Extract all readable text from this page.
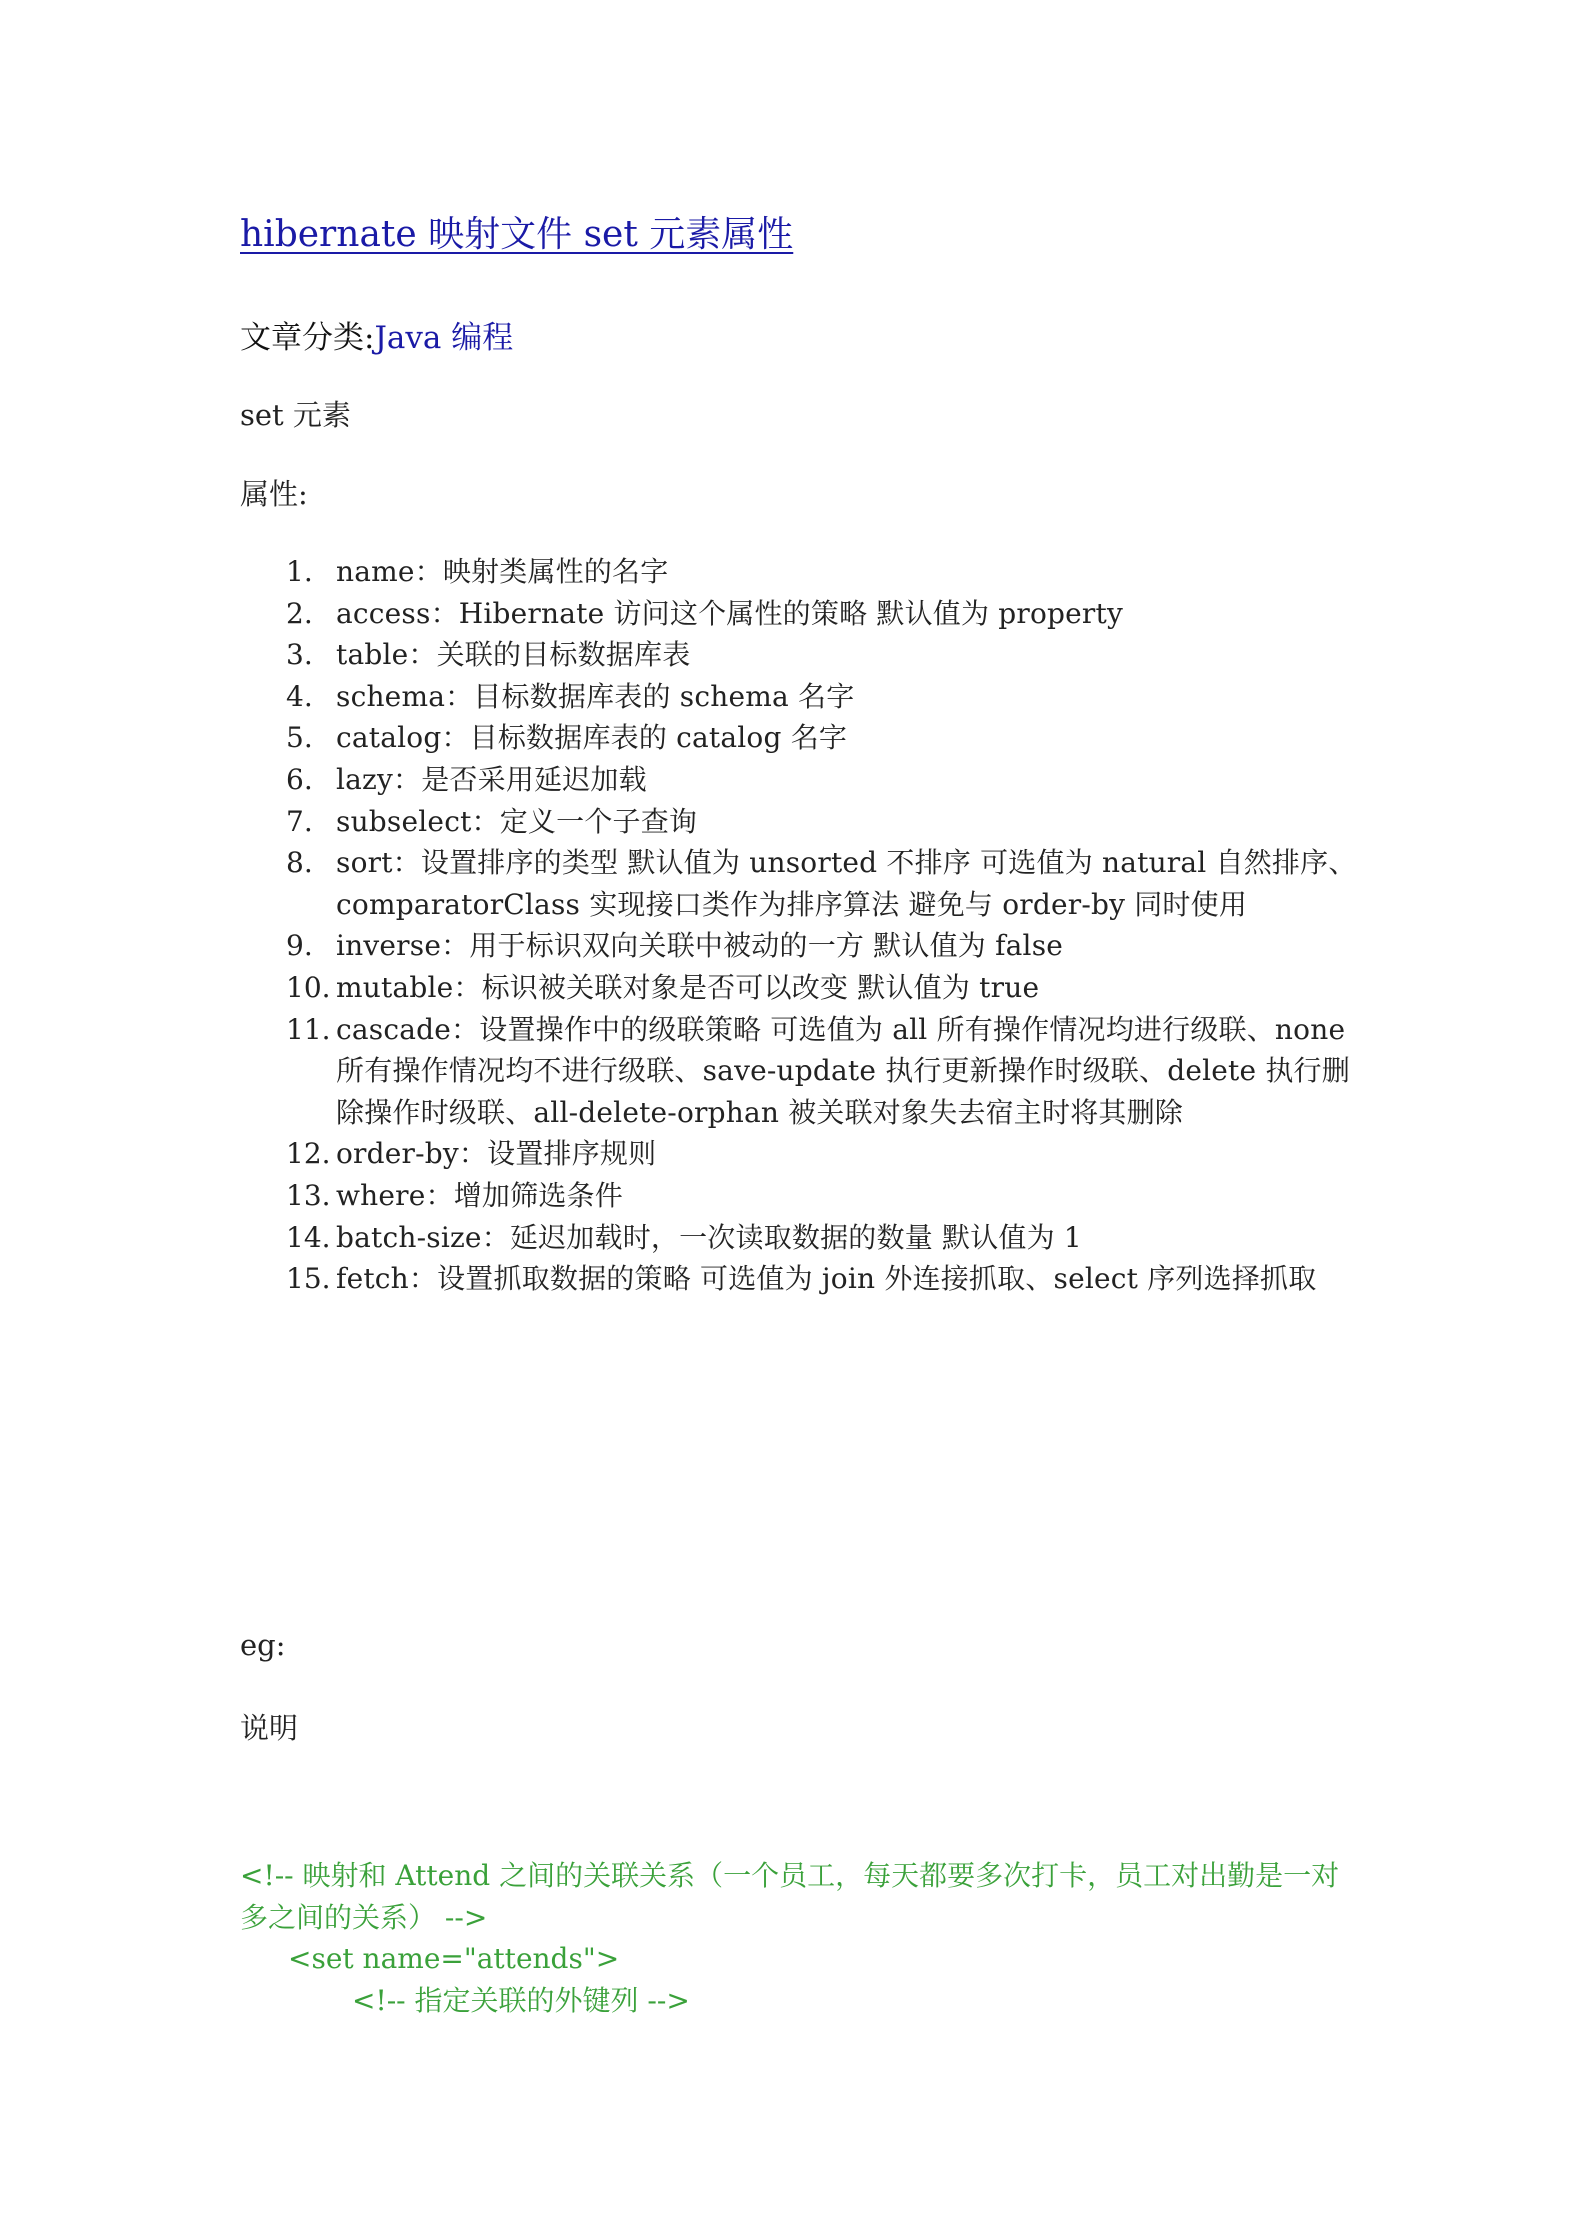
hibernate 映射文件 set 元素属性
文章分类:Java 编程
set 元素
属性:
1. name：映射类属性的名字
2. access：Hibernate 访问这个属性的策略 默认值为 property
3. table：关联的目标数据库表
4. schema：目标数据库表的 schema 名字
5. catalog：目标数据库表的 catalog 名字
6. lazy：是否采用延迟加载
7. subselect：定义一个子查询
8. sort：设置排序的类型 默认值为 unsorted 不排序 可选值为 natural 自然排序、comparatorClass 实现接口类作为排序算法 避免与 order-by 同时使用
9. inverse：用于标识双向关联中被动的一方 默认值为 false
10. mutable：标识被关联对象是否可以改变 默认值为 true
11. cascade：设置操作中的级联策略 可选值为 all 所有操作情况均进行级联、none 所有操作情况均不进行级联、save-update 执行更新操作时级联、delete 执行删除操作时级联、all-delete-orphan 被关联对象失去宿主时将其删除
12. order-by：设置排序规则
13. where：增加筛选条件
14. batch-size：延迟加载时，一次读取数据的数量 默认值为 1
15. fetch：设置抓取数据的策略 可选值为 join 外连接抓取、select 序列选择抓取
eg:
说明
<!-- 映射和 Attend 之间的关联关系（一个员工，每天都要多次打卡，员工对出勤是一对多之间的关系） -->
<set name="attends">
<!-- 指定关联的外键列 -->
